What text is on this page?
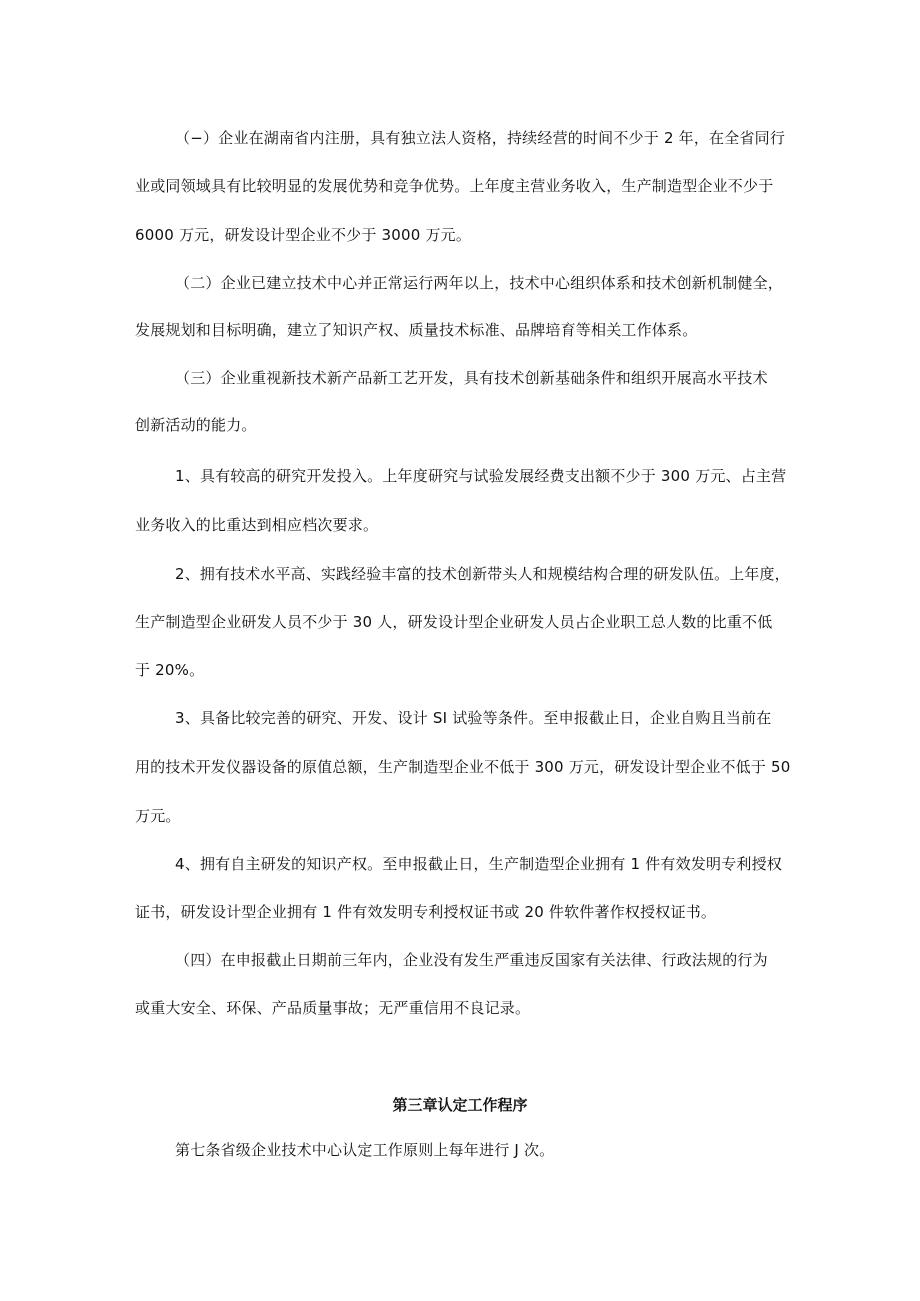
（−）企业在湖南省内注册，具有独立法人资格，持续经营的时间不少于 2 年，在全省同行
业或同领域具有比较明显的发展优势和竞争优势。上年度主营业务收入，生产制造型企业不少于
6000 万元，研发设计型企业不少于 3000 万元。
（二）企业已建立技术中心并正常运行两年以上，技术中心组织体系和技术创新机制健全，
发展规划和目标明确，建立了知识产权、质量技术标准、品牌培育等相关工作体系。
（三）企业重视新技术新产品新工艺开发，具有技术创新基础条件和组织开展高水平技术
创新活动的能力。
1、具有较高的研究开发投入。上年度研究与试验发展经费支出额不少于 300 万元、占主营
业务收入的比重达到相应档次要求。
2、拥有技术水平高、实践经验丰富的技术创新带头人和规模结构合理的研发队伍。上年度，
生产制造型企业研发人员不少于 30 人，研发设计型企业研发人员占企业职工总人数的比重不低
于 20%。
3、具备比较完善的研究、开发、设计 SI 试验等条件。至申报截止日，企业自购且当前在
用的技术开发仪器设备的原值总额，生产制造型企业不低于 300 万元，研发设计型企业不低于 50
万元。
4、拥有自主研发的知识产权。至申报截止日，生产制造型企业拥有 1 件有效发明专利授权
证书，研发设计型企业拥有 1 件有效发明专利授权证书或 20 件软件著作权授权证书。
（四）在申报截止日期前三年内，企业没有发生严重违反国家有关法律、行政法规的行为
或重大安全、环保、产品质量事故；无严重信用不良记录。
第三章认定工作程序
第七条省级企业技术中心认定工作原则上每年进行 J 次。
